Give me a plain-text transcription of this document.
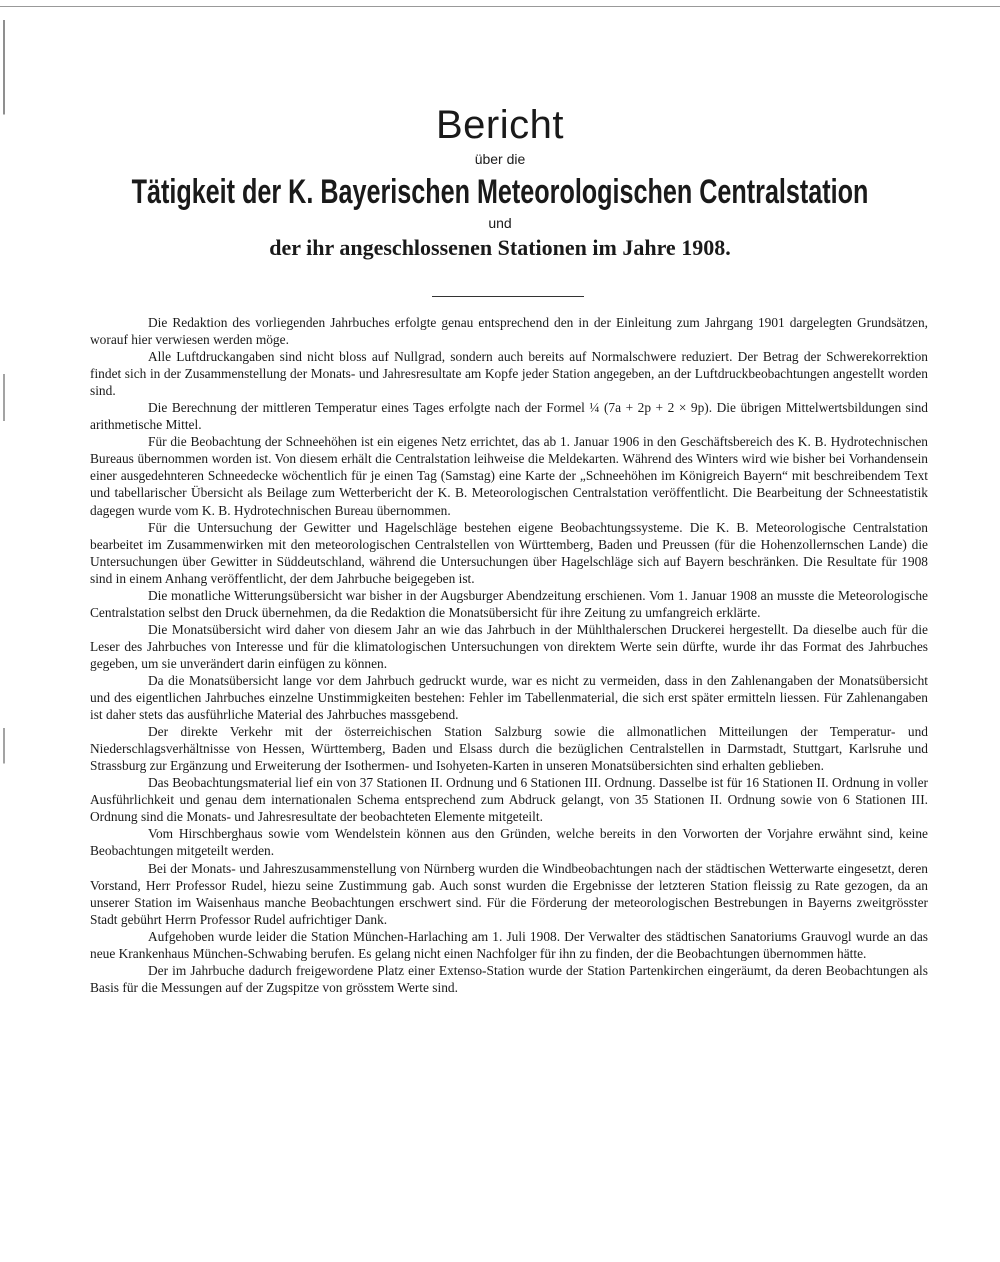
Bericht

über die

Tätigkeit der K. Bayerischen Meteorologischen Centralstation

und

der ihr angeschlossenen Stationen im Jahre 1908.

Die Redaktion des vorliegenden Jahrbuches erfolgte genau entsprechend den in der Einleitung zum Jahrgang 1901 dargelegten Grundsätzen, worauf hier verwiesen werden möge.

Alle Luftdruckangaben sind nicht bloss auf Nullgrad, sondern auch bereits auf Normalschwere reduziert. Der Betrag der Schwerekorrektion findet sich in der Zusammenstellung der Monats- und Jahresresultate am Kopfe jeder Station angegeben, an der Luftdruckbeobachtungen angestellt worden sind.

Die Berechnung der mittleren Temperatur eines Tages erfolgte nach der Formel ¼ (7a + 2p + 2 × 9p). Die übrigen Mittelwertsbildungen sind arithmetische Mittel.

Für die Beobachtung der Schneehöhen ist ein eigenes Netz errichtet, das ab 1. Januar 1906 in den Geschäftsbereich des K. B. Hydrotechnischen Bureaus übernommen worden ist. Von diesem erhält die Centralstation leihweise die Meldekarten. Während des Winters wird wie bisher bei Vorhandensein einer ausgedehnteren Schneedecke wöchentlich für je einen Tag (Samstag) eine Karte der „Schneehöhen im Königreich Bayern“ mit beschreibendem Text und tabellarischer Übersicht als Beilage zum Wetterbericht der K. B. Meteorologischen Centralstation veröffentlicht. Die Bearbeitung der Schneestatistik dagegen wurde vom K. B. Hydrotechnischen Bureau übernommen.

Für die Untersuchung der Gewitter und Hagelschläge bestehen eigene Beobachtungssysteme. Die K. B. Meteorologische Centralstation bearbeitet im Zusammenwirken mit den meteorologischen Centralstellen von Württemberg, Baden und Preussen (für die Hohenzollernschen Lande) die Untersuchungen über Gewitter in Süddeutschland, während die Untersuchungen über Hagelschläge sich auf Bayern beschränken. Die Resultate für 1908 sind in einem Anhang veröffentlicht, der dem Jahrbuche beigegeben ist.

Die monatliche Witterungsübersicht war bisher in der Augsburger Abendzeitung erschienen. Vom 1. Januar 1908 an musste die Meteorologische Centralstation selbst den Druck übernehmen, da die Redaktion die Monatsübersicht für ihre Zeitung zu umfangreich erklärte.

Die Monatsübersicht wird daher von diesem Jahr an wie das Jahrbuch in der Mühlthalerschen Druckerei hergestellt. Da dieselbe auch für die Leser des Jahrbuches von Interesse und für die klimatologischen Untersuchungen von direktem Werte sein dürfte, wurde ihr das Format des Jahrbuches gegeben, um sie unverändert darin einfügen zu können.

Da die Monatsübersicht lange vor dem Jahrbuch gedruckt wurde, war es nicht zu vermeiden, dass in den Zahlenangaben der Monatsübersicht und des eigentlichen Jahrbuches einzelne Unstimmigkeiten bestehen: Fehler im Tabellenmaterial, die sich erst später ermitteln liessen. Für Zahlenangaben ist daher stets das ausführliche Material des Jahrbuches massgebend.

Der direkte Verkehr mit der österreichischen Station Salzburg sowie die allmonatlichen Mitteilungen der Temperatur- und Niederschlagsverhältnisse von Hessen, Württemberg, Baden und Elsass durch die bezüglichen Centralstellen in Darmstadt, Stuttgart, Karlsruhe und Strassburg zur Ergänzung und Erweiterung der Isothermen- und Isohyeten-Karten in unseren Monatsübersichten sind erhalten geblieben.

Das Beobachtungsmaterial lief ein von 37 Stationen II. Ordnung und 6 Stationen III. Ordnung. Dasselbe ist für 16 Stationen II. Ordnung in voller Ausführlichkeit und genau dem internationalen Schema entsprechend zum Abdruck gelangt, von 35 Stationen II. Ordnung sowie von 6 Stationen III. Ordnung sind die Monats- und Jahresresultate der beobachteten Elemente mitgeteilt.

Vom Hirschberghaus sowie vom Wendelstein können aus den Gründen, welche bereits in den Vorworten der Vorjahre erwähnt sind, keine Beobachtungen mitgeteilt werden.

Bei der Monats- und Jahreszusammenstellung von Nürnberg wurden die Windbeobachtungen nach der städtischen Wetterwarte eingesetzt, deren Vorstand, Herr Professor Rudel, hiezu seine Zustimmung gab. Auch sonst wurden die Ergebnisse der letzteren Station fleissig zu Rate gezogen, da an unserer Station im Waisenhaus manche Beobachtungen erschwert sind. Für die Förderung der meteorologischen Bestrebungen in Bayerns zweitgrösster Stadt gebührt Herrn Professor Rudel aufrichtiger Dank.

Aufgehoben wurde leider die Station München-Harlaching am 1. Juli 1908. Der Verwalter des städtischen Sanatoriums Grauvogl wurde an das neue Krankenhaus München-Schwabing berufen. Es gelang nicht einen Nachfolger für ihn zu finden, der die Beobachtungen übernommen hätte.

Der im Jahrbuche dadurch freigewordene Platz einer Extenso-Station wurde der Station Partenkirchen eingeräumt, da deren Beobachtungen als Basis für die Messungen auf der Zugspitze von grösstem Werte sind.
